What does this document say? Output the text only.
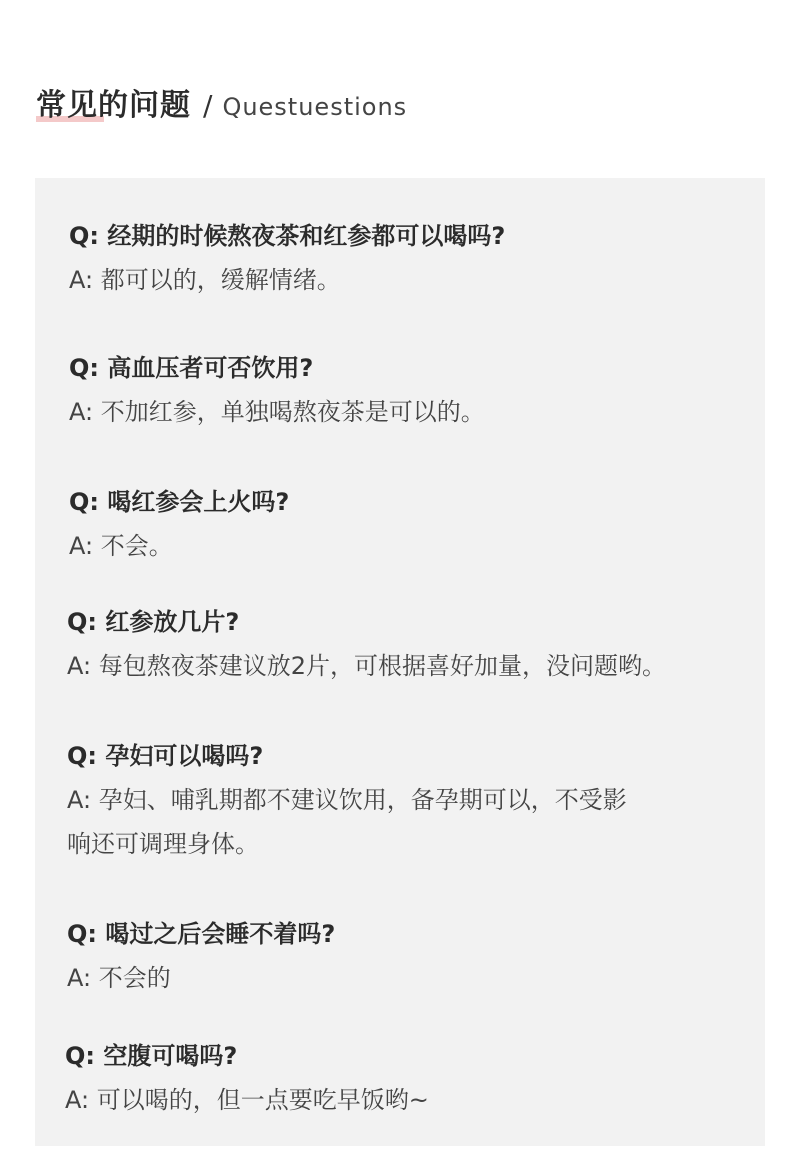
常见的问题 / Questuestions
Q: 经期的时候熬夜茶和红参都可以喝吗?
A: 都可以的，缓解情绪。
Q: 高血压者可否饮用?
A: 不加红参，单独喝熬夜茶是可以的。
Q: 喝红参会上火吗?
A: 不会。
Q: 红参放几片?
A: 每包熬夜茶建议放2片，可根据喜好加量，没问题哟。
Q: 孕妇可以喝吗?
A: 孕妇、哺乳期都不建议饮用，备孕期可以，不受影
响还可调理身体。
Q: 喝过之后会睡不着吗?
A: 不会的
Q: 空腹可喝吗?
A: 可以喝的，但一点要吃早饭哟~
